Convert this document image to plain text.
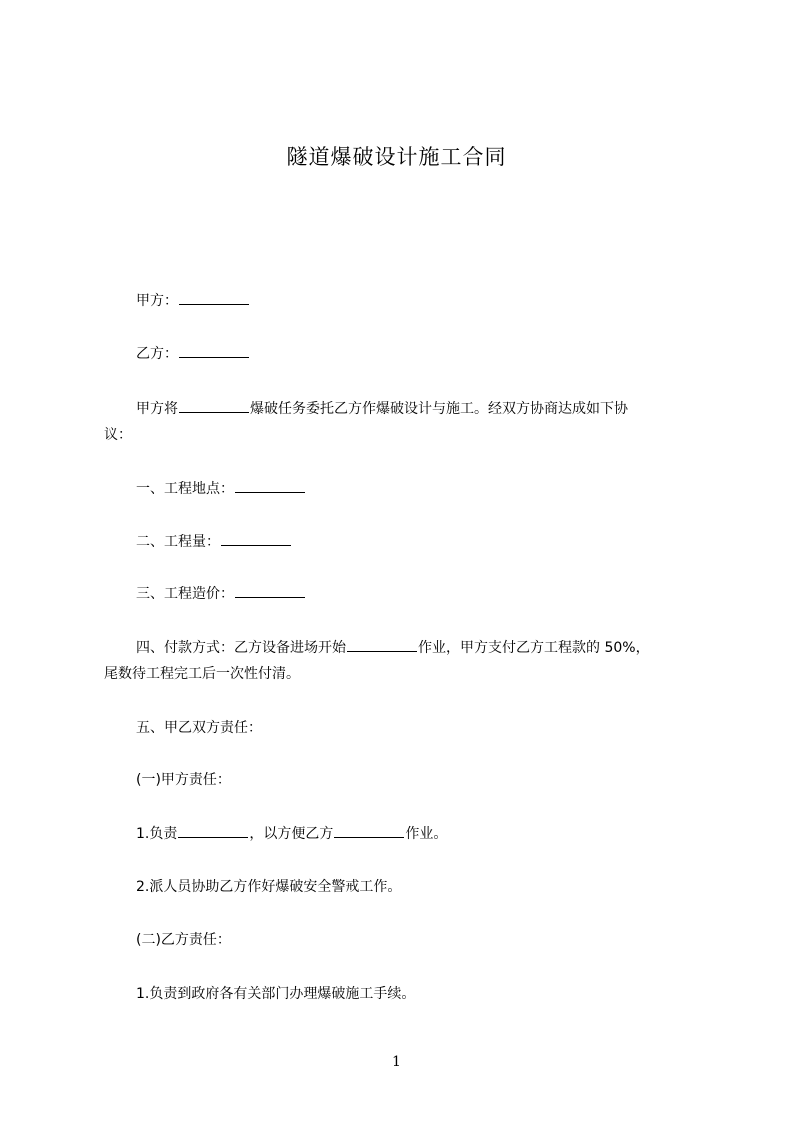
隧道爆破设计施工合同
甲方：
乙方：
甲方将	爆破任务委托乙方作爆破设计与施工。经双方协商达成如下协
议：
一、工程地点：
二、工程量：
三、工程造价：
四、付款方式：乙方设备进场开始	作业，甲方支付乙方工程款的 50%，
尾数待工程完工后一次性付清。
五、甲乙双方责任：
(一)甲方责任：
1.负责	，以方便乙方	作业。
2.派人员协助乙方作好爆破安全警戒工作。
(二)乙方责任：
1.负责到政府各有关部门办理爆破施工手续。
1
